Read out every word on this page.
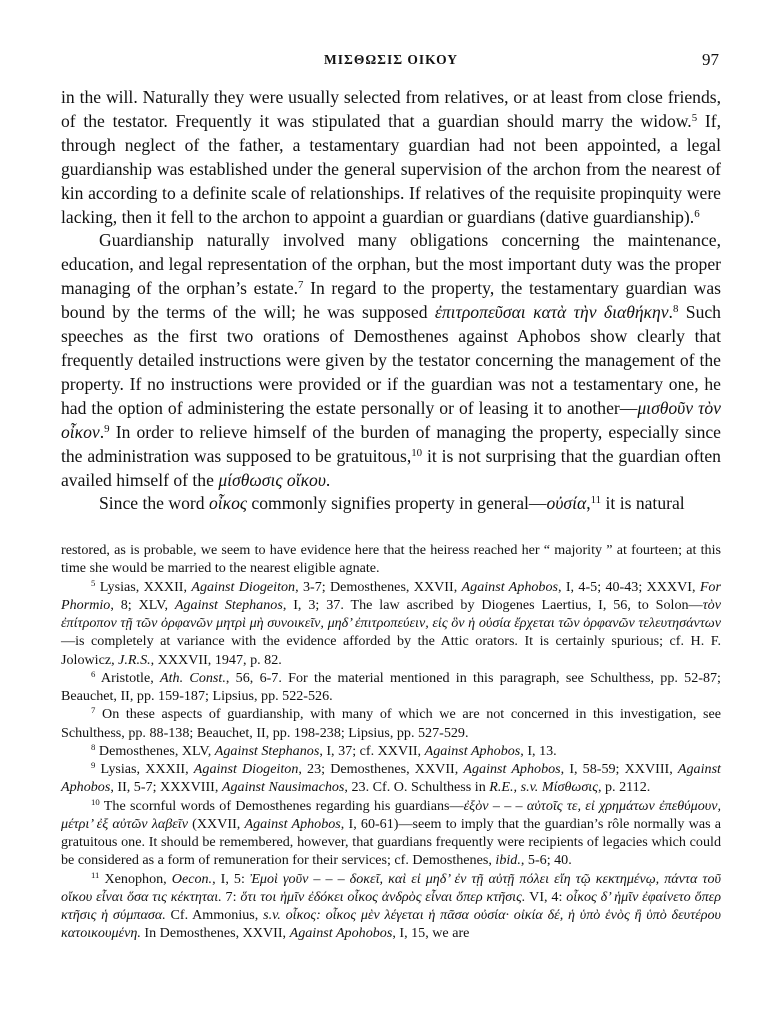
ΜΙΣΘΩΣΙΣ ΟΙΚΟΥ	97

in the will. Naturally they were usually selected from relatives, or at least from close friends, of the testator. Frequently it was stipulated that a guardian should marry the widow.$^5$ If, through neglect of the father, a testamentary guardian had not been appointed, a legal guardianship was established under the general supervision of the archon from the nearest of kin according to a definite scale of relationships. If relatives of the requisite propinquity were lacking, then it fell to the archon to appoint a guardian or guardians (dative guardianship).$^6$

Guardianship naturally involved many obligations concerning the maintenance, education, and legal representation of the orphan, but the most important duty was the proper managing of the orphan’s estate.$^7$ In regard to the property, the testamentary guardian was bound by the terms of the will; he was supposed ἐπιτροπεῦσαι κατὰ τὴν διαθήκην.$^8$ Such speeches as the first two orations of Demosthenes against Aphobos show clearly that frequently detailed instructions were given by the testator concerning the management of the property. If no instructions were provided or if the guardian was not a testamentary one, he had the option of administering the estate personally or of leasing it to another—μισθοῦν τὸν οἶκον.$^9$ In order to relieve himself of the burden of managing the property, especially since the administration was supposed to be gratuitous,$^{10}$ it is not surprising that the guardian often availed himself of the μίσθωσις οἴκου.

Since the word οἶκος commonly signifies property in general—οὐσία,$^{11}$ it is natural

restored, as is probable, we seem to have evidence here that the heiress reached her “ majority ” at fourteen; at this time she would be married to the nearest eligible agnate.

$^5$ Lysias, XXXII, Against Diogeiton, 3-7; Demosthenes, XXVII, Against Aphobos, I, 4-5; 40-43; XXXVI, For Phormio, 8; XLV, Against Stephanos, I, 3; 37. The law ascribed by Diogenes Laertius, I, 56, to Solon—τὸν ἐπίτροπον τῇ τῶν ὀρφανῶν μητρὶ μὴ συνοικεῖν, μηδ’ ἐπιτροπεύειν, εἰς ὃν ἡ οὐσία ἔρχεται τῶν ὀρφανῶν τελευτησάντων—is completely at variance with the evidence afforded by the Attic orators. It is certainly spurious; cf. H. F. Jolowicz, J.R.S., XXXVII, 1947, p. 82.

$^6$ Aristotle, Ath. Const., 56, 6-7. For the material mentioned in this paragraph, see Schulthess, pp. 52-87; Beauchet, II, pp. 159-187; Lipsius, pp. 522-526.

$^7$ On these aspects of guardianship, with many of which we are not concerned in this investigation, see Schulthess, pp. 88-138; Beauchet, II, pp. 198-238; Lipsius, pp. 527-529.

$^8$ Demosthenes, XLV, Against Stephanos, I, 37; cf. XXVII, Against Aphobos, I, 13.

$^9$ Lysias, XXXII, Against Diogeiton, 23; Demosthenes, XXVII, Against Aphobos, I, 58-59; XXVIII, Against Aphobos, II, 5-7; XXXVIII, Against Nausimachos, 23. Cf. O. Schulthess in R.E., s.v. Μίσθωσις, p. 2112.

$^{10}$ The scornful words of Demosthenes regarding his guardians—ἐξὸν – – – αὐτοῖς τε, εἰ χρημάτων ἐπεθύμουν, μέτρι’ ἐξ αὐτῶν λαβεῖν (XXVII, Against Aphobos, I, 60-61)—seem to imply that the guardian’s rôle normally was a gratuitous one. It should be remembered, however, that guardians frequently were recipients of legacies which could be considered as a form of remuneration for their services; cf. Demosthenes, ibid., 5-6; 40.

$^{11}$ Xenophon, Oecon., I, 5: Ἐμοὶ γοῦν – – – δοκεῖ, καὶ εἰ μηδ’ ἐν τῇ αὐτῇ πόλει εἴη τῷ κεκτημένῳ, πάντα τοῦ οἴκου εἶναι ὅσα τις κέκτηται. 7: ὅτι τοι ἡμῖν ἐδόκει οἶκος ἀνδρὸς εἶναι ὅπερ κτῆσις. VI, 4: οἶκος δ’ ἡμῖν ἐφαίνετο ὅπερ κτῆσις ἡ σύμπασα. Cf. Ammonius, s.v. οἶκος: οἶκος μὲν λέγεται ἡ πᾶσα οὐσία· οἰκία δέ, ἡ ὑπὸ ἑνὸς ἢ ὑπὸ δευτέρου κατοικουμένη. In Demosthenes, XXVII, Against Apohobos, I, 15, we are
